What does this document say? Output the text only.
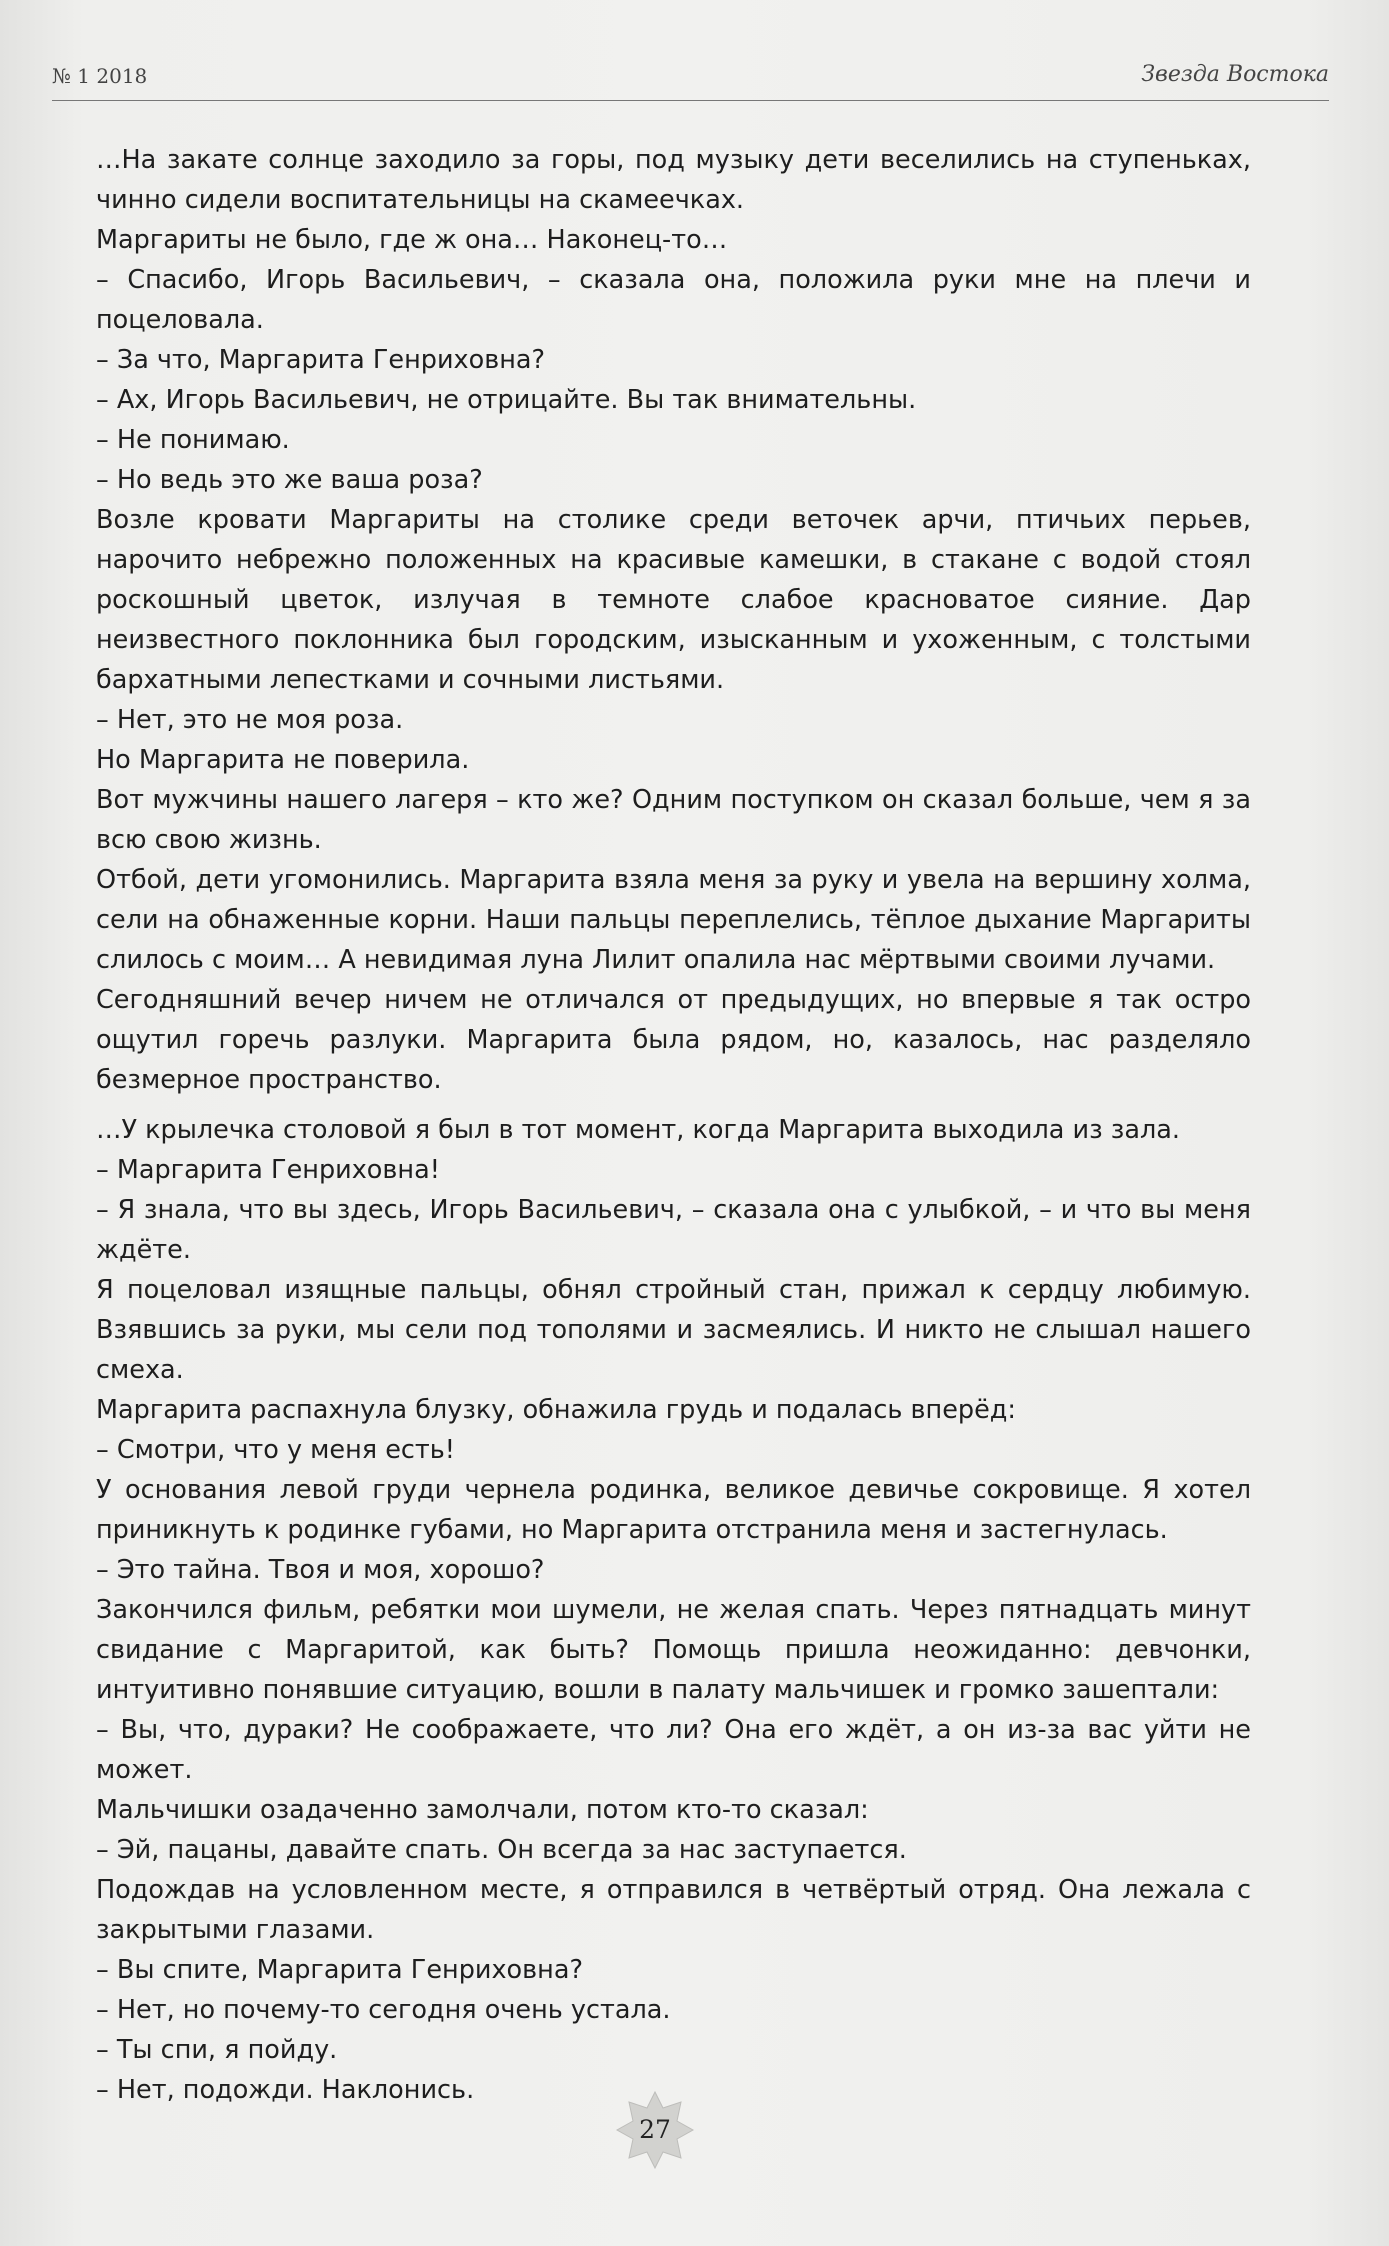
№ 1 2018	Звезда Востока

…На закате солнце заходило за горы, под музыку дети веселились на ступеньках, чинно сидели воспитательницы на скамеечках.

Маргариты не было, где ж она… Наконец-то…

– Спасибо, Игорь Васильевич, – сказала она, положила руки мне на плечи и поцеловала.

– За что, Маргарита Генриховна?

– Ах, Игорь Васильевич, не отрицайте. Вы так внимательны.

– Не понимаю.

– Но ведь это же ваша роза?

Возле кровати Маргариты на столике среди веточек арчи, птичьих перьев, нарочито небрежно положенных на красивые камешки, в стакане с водой стоял роскошный цветок, излучая в темноте слабое красноватое сияние. Дар неизвестного поклонника был городским, изысканным и ухоженным, с толстыми бархатными лепестками и сочными листьями.

– Нет, это не моя роза.

Но Маргарита не поверила.

Вот мужчины нашего лагеря – кто же? Одним поступком он сказал больше, чем я за всю свою жизнь.

Отбой, дети угомонились. Маргарита взяла меня за руку и увела на вершину холма, сели на обнаженные корни. Наши пальцы переплелись, тёплое дыхание Маргариты слилось с моим… А невидимая луна Лилит опалила нас мёртвыми своими лучами.

Сегодняшний вечер ничем не отличался от предыдущих, но впервые я так остро ощутил горечь разлуки. Маргарита была рядом, но, казалось, нас разделяло безмерное пространство.

…У крылечка столовой я был в тот момент, когда Маргарита выходила из зала.

– Маргарита Генриховна!

– Я знала, что вы здесь, Игорь Васильевич, – сказала она с улыбкой, – и что вы меня ждёте.

Я поцеловал изящные пальцы, обнял стройный стан, прижал к сердцу любимую. Взявшись за руки, мы сели под тополями и засмеялись. И никто не слышал нашего смеха.

Маргарита распахнула блузку, обнажила грудь и подалась вперёд:

– Смотри, что у меня есть!

У основания левой груди чернела родинка, великое девичье сокровище. Я хотел приникнуть к родинке губами, но Маргарита отстранила меня и застегнулась.

– Это тайна. Твоя и моя, хорошо?

Закончился фильм, ребятки мои шумели, не желая спать. Через пятнадцать минут свидание с Маргаритой, как быть? Помощь пришла неожиданно: девчонки, интуитивно понявшие ситуацию, вошли в палату мальчишек и громко зашептали:

– Вы, что, дураки? Не соображаете, что ли? Она его ждёт, а он из-за вас уйти не может.

Мальчишки озадаченно замолчали, потом кто-то сказал:

– Эй, пацаны, давайте спать. Он всегда за нас заступается.

Подождав на условленном месте, я отправился в четвёртый отряд. Она лежала с закрытыми глазами.

– Вы спите, Маргарита Генриховна?

– Нет, но почему-то сегодня очень устала.

– Ты спи, я пойду.

– Нет, подожди. Наклонись.

27
